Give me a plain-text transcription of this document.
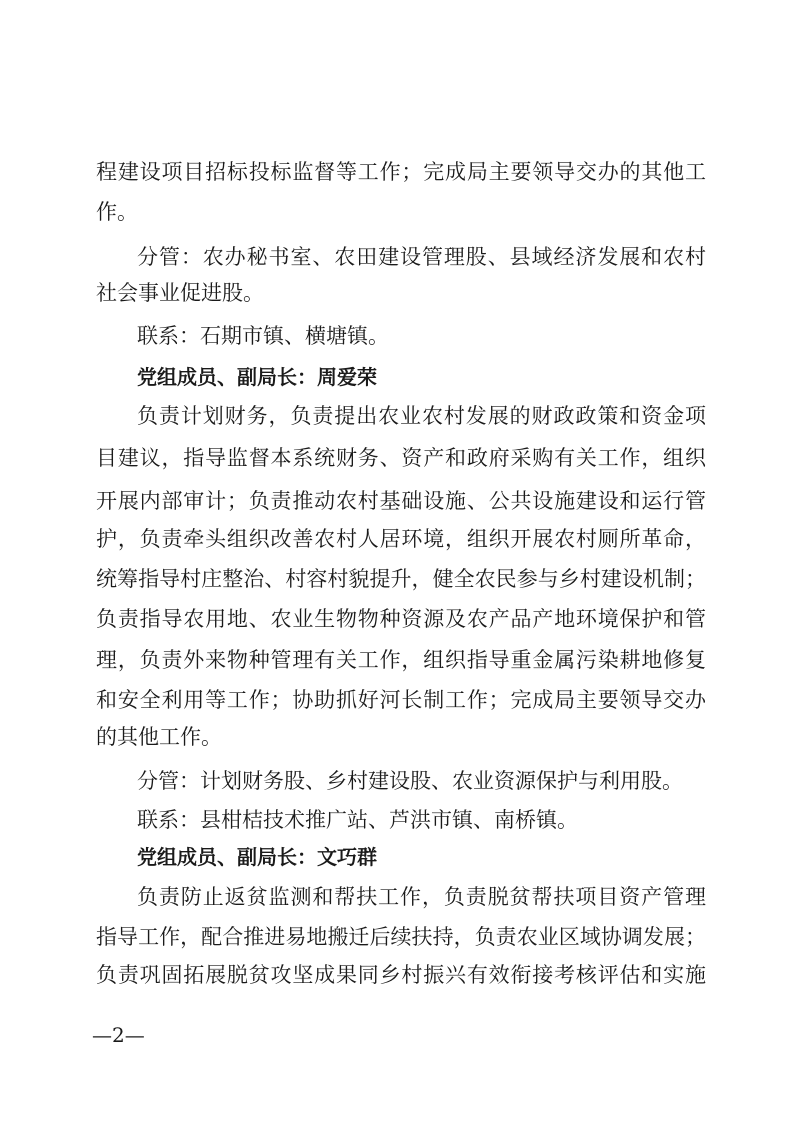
程建设项目招标投标监督等工作；完成局主要领导交办的其他工
作。
分管：农办秘书室、农田建设管理股、县域经济发展和农村
社会事业促进股。
联系：石期市镇、横塘镇。
党组成员、副局长：周爱荣
负责计划财务，负责提出农业农村发展的财政政策和资金项
目建议，指导监督本系统财务、资产和政府采购有关工作，组织
开展内部审计；负责推动农村基础设施、公共设施建设和运行管
护，负责牵头组织改善农村人居环境，组织开展农村厕所革命，
统筹指导村庄整治、村容村貌提升，健全农民参与乡村建设机制；
负责指导农用地、农业生物物种资源及农产品产地环境保护和管
理，负责外来物种管理有关工作，组织指导重金属污染耕地修复
和安全利用等工作；协助抓好河长制工作；完成局主要领导交办
的其他工作。
分管：计划财务股、乡村建设股、农业资源保护与利用股。
联系：县柑桔技术推广站、芦洪市镇、南桥镇。
党组成员、副局长：文巧群
负责防止返贫监测和帮扶工作，负责脱贫帮扶项目资产管理
指导工作，配合推进易地搬迁后续扶持，负责农业区域协调发展；
负责巩固拓展脱贫攻坚成果同乡村振兴有效衔接考核评估和实施
—2—
